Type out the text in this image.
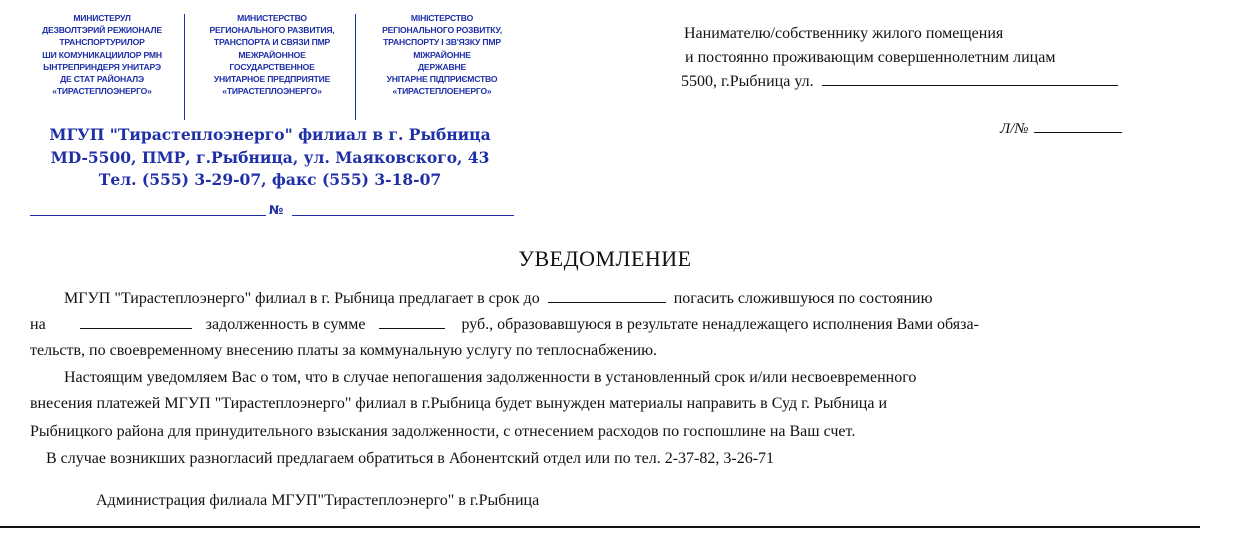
МИНИСТЕРУЛ
ДЕЗВОЛТЭРИЙ РЕЖИОНАЛЕ
ТРАНСПОРТУРИЛОР
ШИ КОМУНИКАЦИИЛОР РМН
ЫНТРЕПРИНДЕРЯ УНИТАРЭ
ДЕ СТАТ РАЙОНАЛЭ
«ТИРАСТЕПЛОЭНЕРГО»
МИНИСТЕРСТВО
РЕГИОНАЛЬНОГО РАЗВИТИЯ,
ТРАНСПОРТА И СВЯЗИ ПМР
МЕЖРАЙОННОЕ
ГОСУДАРСТВЕННОЕ
УНИТАРНОЕ ПРЕДПРИЯТИЕ
«ТИРАСТЕПЛОЭНЕРГО»
МІНІСТЕРСТВО
РЕГІОНАЛЬНОГО РОЗВИТКУ,
ТРАНСПОРТУ І ЗВ'ЯЗКУ ПМР
МІЖРАЙОННЕ
ДЕРЖАВНЕ
УНІТАРНЕ ПІДПРИЄМСТВО
«ТИРАСТЕПЛОЕНЕРГО»
МГУП "Тирастеплоэнерго" филиал в г. Рыбница
MD-5500, ПМР, г.Рыбница, ул. Маяковского, 43
Тел. (555) 3-29-07, факс (555) 3-18-07
№
Нанимателю/собственнику жилого помещения
и постоянно проживающим совершеннолетним лицам
5500, г.Рыбница ул.
Л/№
УВЕДОМЛЕНИЕ
МГУП "Тирастеплоэнерго" филиал в г. Рыбница предлагает в срок до	погасить сложившуюся по состоянию
на	задолженность в сумме	руб., образовавшуюся в результате ненадлежащего исполнения Вами обяза-
тельств, по своевременному внесению платы за коммунальную услугу по теплоснабжению.
Настоящим уведомляем Вас о том, что в случае непогашения задолженности в установленный срок и/или несвоевременного
внесения платежей МГУП "Тирастеплоэнерго" филиал в г.Рыбница будет вынужден материалы направить в Суд г. Рыбница и
Рыбницкого района для принудительного взыскания задолженности, с отнесением расходов по госпошлине на Ваш счет.
В случае возникших разногласий предлагаем обратиться в Абонентский отдел или по тел. 2-37-82, 3-26-71
Администрация филиала МГУП"Тирастеплоэнерго" в г.Рыбница
